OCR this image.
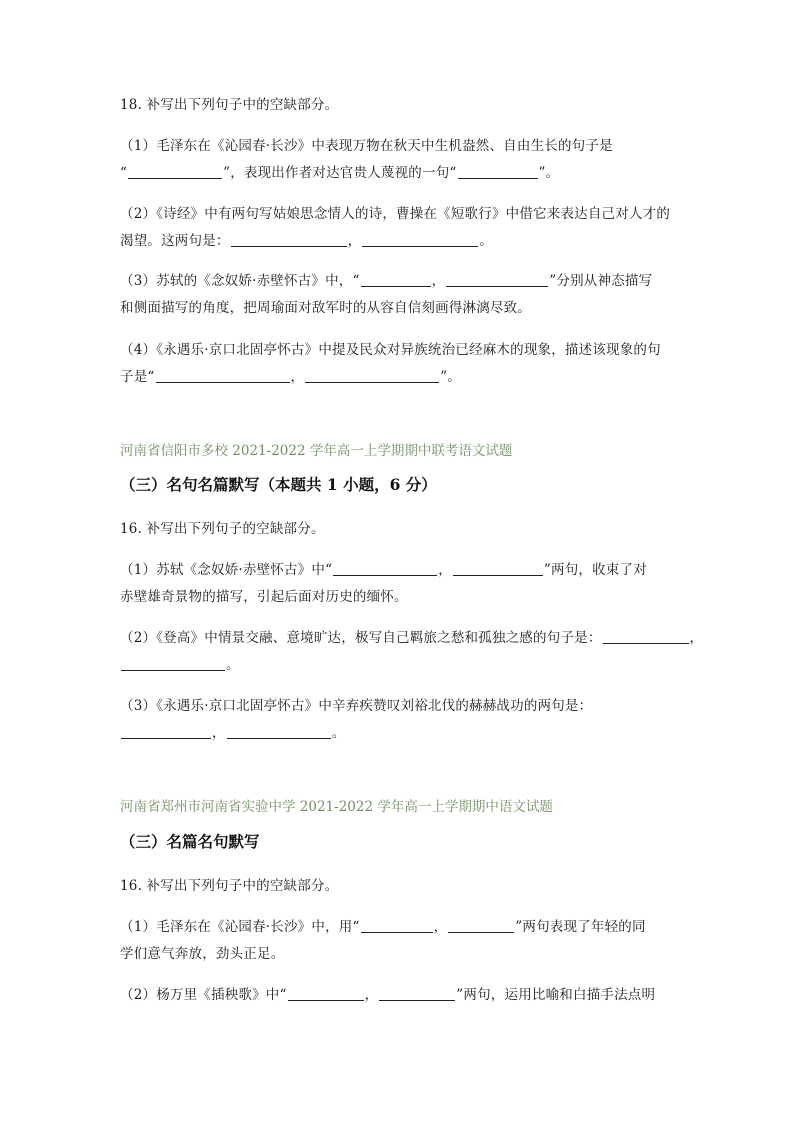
18. 补写出下列句子中的空缺部分。
（1）毛泽东在《沁园春·长沙》中表现万物在秋天中生机盎然、自由生长的句子是
“	”，表现出作者对达官贵人蔑视的一句“	”。
（2）《诗经》中有两句写姑娘思念情人的诗，曹操在《短歌行》中借它来表达自己对人才的
渴望。这两句是：	，	。
（3）苏轼的《念奴娇·赤壁怀古》中，“	，	”分别从神态描写
和侧面描写的角度，把周瑜面对敌军时的从容自信刻画得淋漓尽致。
（4）《永遇乐·京口北固亭怀古》中提及民众对异族统治已经麻木的现象，描述该现象的句
子是“	，	”。
河南省信阳市多校 2021-2022 学年高一上学期期中联考语文试题
（三）名句名篇默写（本题共 1 小题，6 分）
16. 补写出下列句子的空缺部分。
（1）苏轼《念奴娇·赤壁怀古》中“	，	”两句，收束了对
赤壁雄奇景物的描写，引起后面对历史的缅怀。
（2）《登高》中情景交融、意境旷达，极写自己羁旅之愁和孤独之感的句子是：	，
。
（3）《永遇乐·京口北固亭怀古》中辛弃疾赞叹刘裕北伐的赫赫战功的两句是：
，	。
河南省郑州市河南省实验中学 2021-2022 学年高一上学期期中语文试题
（三）名篇名句默写
16. 补写出下列句子中的空缺部分。
（1）毛泽东在《沁园春·长沙》中，用“	，	”两句表现了年轻的同
学们意气奔放，劲头正足。
（2）杨万里《插秧歌》中“	，	”两句，运用比喻和白描手法点明
